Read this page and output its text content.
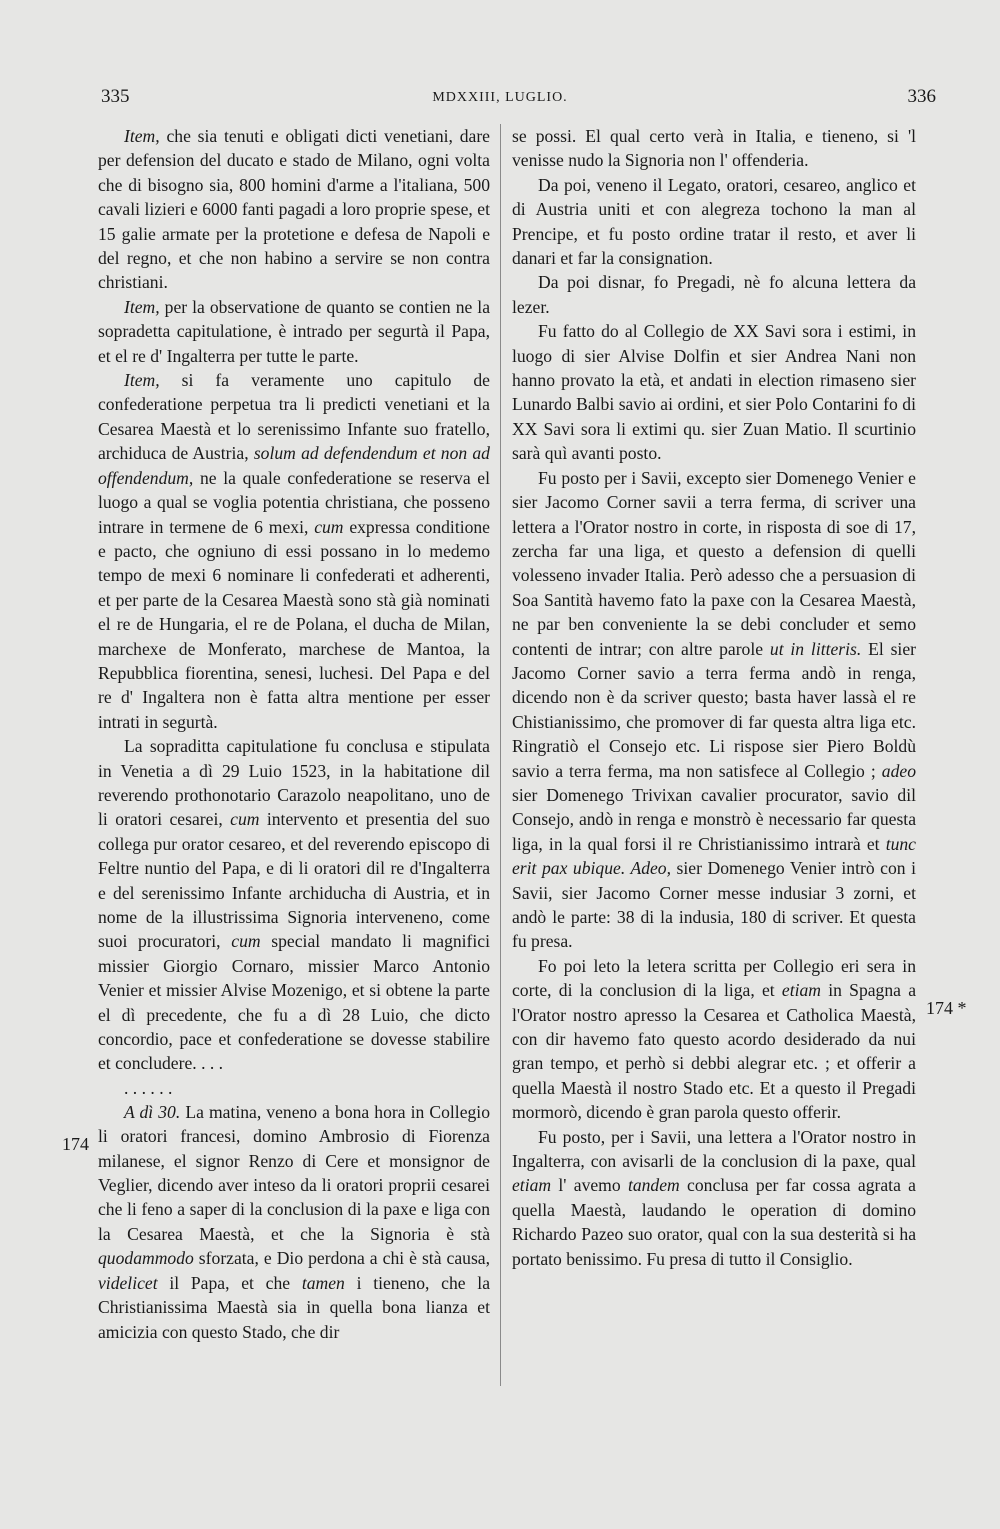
335	MDXXIII, LUGLIO.	336

Item, che sia tenuti e obligati dicti venetiani, dare per defension del ducato e stado de Milano, ogni volta che di bisogno sia, 800 homini d'arme a l'italiana, 500 cavali lizieri e 6000 fanti pagadi a loro proprie spese, et 15 galie armate per la protetione e defesa de Napoli e del regno, et che non habino a servire se non contra christiani.

Item, per la observatione de quanto se contien ne la sopradetta capitulatione, è intrado per segurtà il Papa, et el re d' Ingalterra per tutte le parte.

Item, si fa veramente uno capitulo de confederatione perpetua tra li predicti venetiani et la Cesarea Maestà et lo serenissimo Infante suo fratello, archiduca de Austria, solum ad defendendum et non ad offendendum, ne la quale confederatione se reserva el luogo a qual se voglia potentia christiana, che posseno intrare in termene de 6 mexi, cum expressa conditione e pacto, che ogniuno di essi possano in lo medemo tempo de mexi 6 nominare li confederati et adherenti, et per parte de la Cesarea Maestà sono stà già nominati el re de Hungaria, el re de Polana, el ducha de Milan, marchexe de Monferato, marchese de Mantoa, la Repubblica fiorentina, senesi, luchesi. Del Papa e del re d' Ingaltera non è fatta altra mentione per esser intrati in segurtà.

La sopraditta capitulatione fu conclusa e stipulata in Venetia a dì 29 Luio 1523, in la habitatione dil reverendo prothonotario Carazolo neapolitano, uno de li oratori cesarei, cum intervento et presentia del suo collega pur orator cesareo, et del reverendo episcopo di Feltre nuntio del Papa, e di li oratori dil re d'Ingalterra e del serenissimo Infante archiducha di Austria, et in nome de la illustrissima Signoria interveneno, come suoi procuratori, cum special mandato li magnifici missier Giorgio Cornaro, missier Marco Antonio Venier et missier Alvise Mozenigo, et si obtene la parte el dì precedente, che fu a dì 28 Luio, che dicto concordio, pace et confederatione se dovesse stabilire et concludere. . . .

. . . . . .

A dì 30. La matina, veneno a bona hora in Collegio li oratori francesi, domino Ambrosio di Fiorenza milanese, el signor Renzo di Cere et monsignor de Veglier, dicendo aver inteso da li oratori proprii cesarei che li feno a saper di la conclusion di la paxe e liga con la Cesarea Maestà, et che la Signoria è stà quodammodo sforzata, e Dio perdona a chi è stà causa, videlicet il Papa, et che tamen i tieneno, che la Christianissima Maestà sia in quella bona lianza et amicizia con questo Stado, che dir

se possi. El qual certo verà in Italia, e tieneno, si 'l venisse nudo la Signoria non l' offenderia.

Da poi, veneno il Legato, oratori, cesareo, anglico et di Austria uniti et con alegreza tochono la man al Prencipe, et fu posto ordine tratar il resto, et aver li danari et far la consignation.

Da poi disnar, fo Pregadi, nè fo alcuna lettera da lezer.

Fu fatto do al Collegio de XX Savi sora i estimi, in luogo di sier Alvise Dolfin et sier Andrea Nani non hanno provato la età, et andati in election rimaseno sier Lunardo Balbi savio ai ordini, et sier Polo Contarini fo di XX Savi sora li extimi qu. sier Zuan Matio. Il scurtinio sarà quì avanti posto.

Fu posto per i Savii, excepto sier Domenego Venier e sier Jacomo Corner savii a terra ferma, di scriver una lettera a l'Orator nostro in corte, in risposta di soe di 17, zercha far una liga, et questo a defension di quelli volesseno invader Italia. Però adesso che a persuasion di Soa Santità havemo fato la paxe con la Cesarea Maestà, ne par ben conveniente la se debi concluder et semo contenti de intrar; con altre parole ut in litteris. El sier Jacomo Corner savio a terra ferma andò in renga, dicendo non è da scriver questo; basta haver lassà el re Chistianissimo, che promover di far questa altra liga etc. Ringratiò el Consejo etc. Li rispose sier Piero Boldù savio a terra ferma, ma non satisfece al Collegio ; adeo sier Domenego Trivixan cavalier procurator, savio dil Consejo, andò in renga e monstrò è necessario far questa liga, in la qual forsi il re Christianissimo intrarà et tunc erit pax ubique. Adeo, sier Domenego Venier intrò con i Savii, sier Jacomo Corner messe indusiar 3 zorni, et andò le parte: 38 di la indusia, 180 di scriver. Et questa fu presa.

Fo poi leto la letera scritta per Collegio eri sera in corte, di la conclusion di la liga, et etiam in Spagna a l'Orator nostro apresso la Cesarea et Catholica Maestà, con dir havemo fato questo acordo desiderado da nui gran tempo, et perhò si debbi alegrar etc. ; et offerir a quella Maestà il nostro Stado etc. Et a questo il Pregadi mormorò, dicendo è gran parola questo offerir.

Fu posto, per i Savii, una lettera a l'Orator nostro in Ingalterra, con avisarli de la conclusion di la paxe, qual etiam l' avemo tandem conclusa per far cossa agrata a quella Maestà, laudando le operation di domino Richardo Pazeo suo orator, qual con la sua desterità si ha portato benissimo. Fu presa di tutto il Consiglio.

174
174 *
